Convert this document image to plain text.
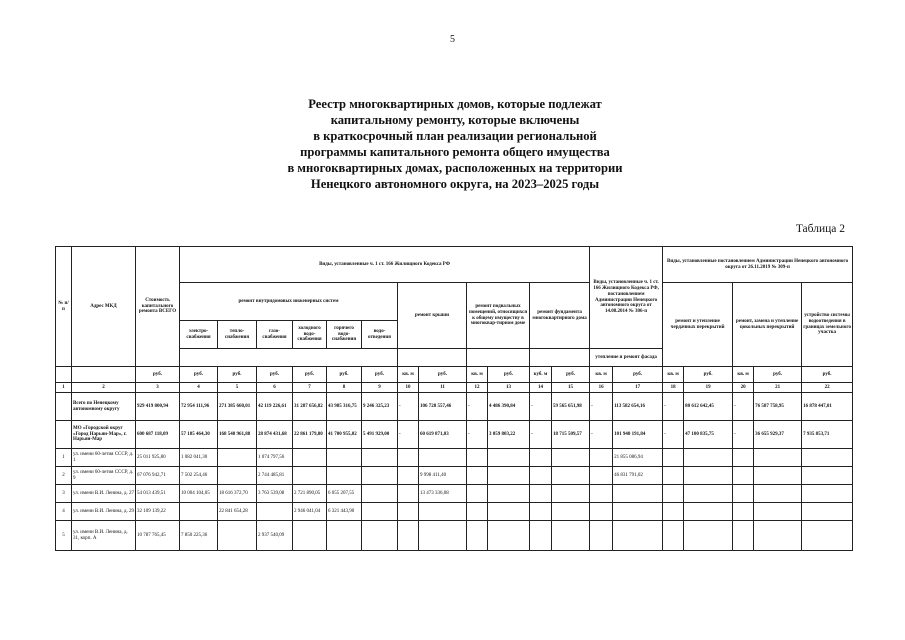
5
Реестр многоквартирных домов, которые подлежат
капитальному ремонту, которые включены
в краткосрочный план реализации региональной
программы капитального ремонта общего имущества
в многоквартирных домах, расположенных на территории
Ненецкого автономного округа, на 2023–2025 годы
Таблица 2
№ п/п	Адрес МКД	Стоимость капитального ремонта ВСЕГО	Виды, установленные ч. 1 ст. 166 Жилищного Кодекса РФ												Виды, установленные ч. 1 ст. 166 Жилищного Кодекса РФ, постановлением Администрации Ненецкого автономного округа от 14.08.2014 № 306-п		Виды, установленные постановлением Администрации Ненецкого автономного округа от 26.11.2019 № 309-п				
			ремонт внутридомовых инженерных систем						ремонт крыши		ремонт подвальных помещений, относящихся к общему имуществу в многоквар-тирном доме		ремонт фундамента многоквартирного дома				ремонт и утепление чердачных перекрытий		ремонт, замена и утепление цокольных перекрытий		устройство системы водоотведения в границах земельного участка
			электро-снабжения	тепло-снабжения	газо-снабжения	холодного водо-снабжения	горячего водо-снабжения	водо-отведения													
															утепление и ремонт фасада						
		руб.	руб.	руб.	руб.	руб.	руб.	руб.	кв. м	руб.	кв. м	руб.	куб. м	руб.	кв. м	руб.	кв. м	руб.	кв. м	руб.	руб.
1	2	3	4	5	6	7	8	9	10	11	12	13	14	15	16	17	18	19	20	21	22
	Всего по Ненецкому автономному округу	929 419 800,94	72 954 111,96	271 385 660,01	42 119 226,61	31 287 656,82	43 985 316,75	9 246 325,23	-	106 728 557,46	-	4 486 390,84	-	59 565 651,98	-	113 582 654,16	-	80 612 642,45	-	76 587 758,95	16 878 447,01
	МО «Городской округ «Город Нарьян-Мар», г. Нарьян-Мар	600 687 118,09	57 185 464,30	168 548 961,88	28 874 431,68	22 861 179,80	41 700 955,02	5 491 929,00	-	60 619 871,03	-	3 059 803,22	-	18 715 509,57	-	101 940 191,84	-	47 100 835,75	-	36 655 929,37	7 935 853,71
1	ул. имени 60-летия СССР, д. 1	25 011 925,80	1 082 041,30		1 074 797,56											21 855 086,94					
2	ул. имени 60-летия СССР, д. 9	67 076 942,71	7 502 254,46		2 744 485,81					9 998 411,40						46 831 791,02					
3	ул. имени В.И. Ленина, д. 27	54 013 439,51	10 004 104,05	18 616 372,70	3 763 539,08	2 721 890,05	6 055 207,55			13 473 336,08											
4	ул. имени В.И. Ленина, д. 29	32 109 139,22		22 841 654,28		2 946 041,04	6 321 443,90														
5	ул. имени В.И. Ленина, д. 31, корп. А	10 787 765,45	7 850 225,36		2 937 540,09																
